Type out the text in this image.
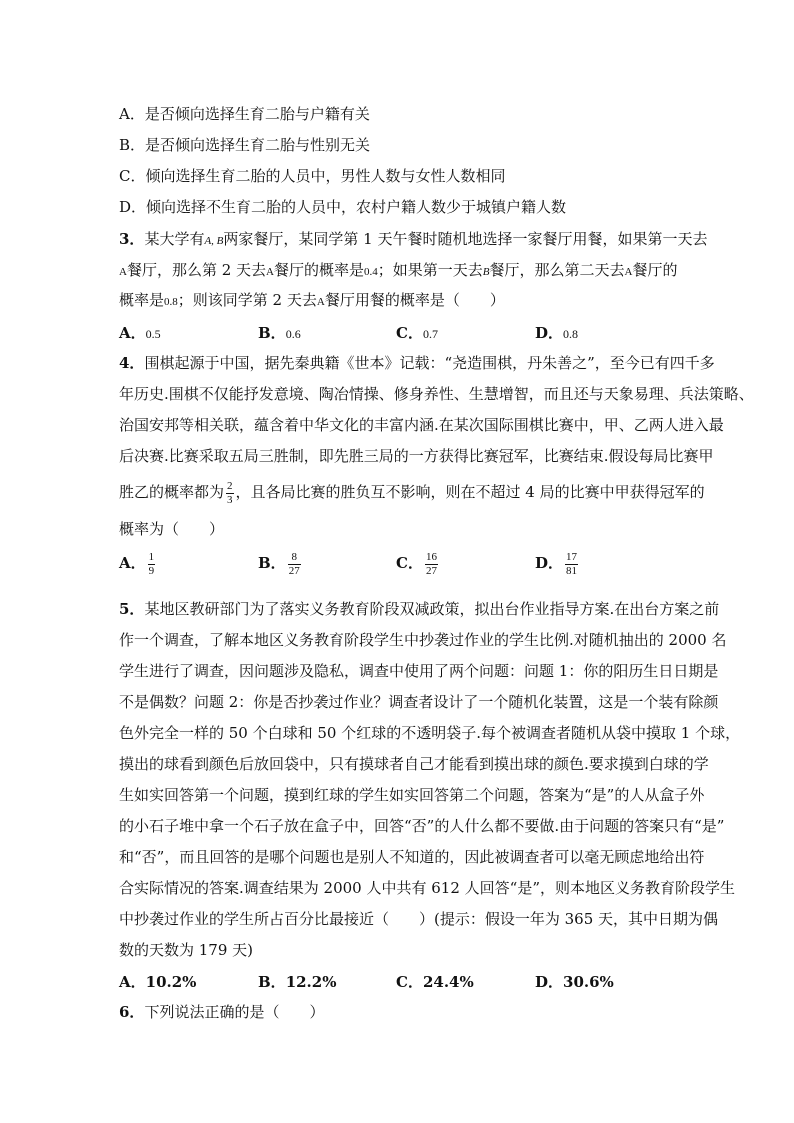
A．是否倾向选择生育二胎与户籍有关
B．是否倾向选择生育二胎与性别无关
C．倾向选择生育二胎的人员中，男性人数与女性人数相同
D．倾向选择不生育二胎的人员中，农村户籍人数少于城镇户籍人数
3．某大学有A, B两家餐厅，某同学第 1 天午餐时随机地选择一家餐厅用餐，如果第一天去
A餐厅，那么第 2 天去A餐厅的概率是0.4；如果第一天去B餐厅，那么第二天去A餐厅的
概率是0.8；则该同学第 2 天去A餐厅用餐的概率是（　　）
A．0.5	B．0.6	C．0.7	D．0.8
4．围棋起源于中国，据先秦典籍《世本》记载：“尧造围棋，丹朱善之”，至今已有四千多
年历史.围棋不仅能抒发意境、陶冶情操、修身养性、生慧增智，而且还与天象易理、兵法策略、
治国安邦等相关联，蕴含着中华文化的丰富内涵.在某次国际围棋比赛中，甲、乙两人进入最
后决赛.比赛采取五局三胜制，即先胜三局的一方获得比赛冠军，比赛结束.假设每局比赛甲
胜乙的概率都为 $\frac{2}{3}$ ，且各局比赛的胜负互不影响，则在不超过 4 局的比赛中甲获得冠军的
概率为（　　）
A． $\frac{1}{9}$	B． $\frac{8}{27}$	C． $\frac{16}{27}$	D． $\frac{17}{81}$
5．某地区教研部门为了落实义务教育阶段双减政策，拟出台作业指导方案.在出台方案之前
作一个调查，了解本地区义务教育阶段学生中抄袭过作业的学生比例.对随机抽出的 2000 名
学生进行了调查，因问题涉及隐私，调查中使用了两个问题：问题 1：你的阳历生日日期是
不是偶数？问题 2：你是否抄袭过作业？调查者设计了一个随机化装置，这是一个装有除颜
色外完全一样的 50 个白球和 50 个红球的不透明袋子.每个被调查者随机从袋中摸取 1 个球，
摸出的球看到颜色后放回袋中，只有摸球者自己才能看到摸出球的颜色.要求摸到白球的学
生如实回答第一个问题，摸到红球的学生如实回答第二个问题，答案为“是”的人从盒子外
的小石子堆中拿一个石子放在盒子中，回答“否”的人什么都不要做.由于问题的答案只有“是”
和“否”，而且回答的是哪个问题也是别人不知道的，因此被调查者可以毫无顾虑地给出符
合实际情况的答案.调查结果为 2000 人中共有 612 人回答“是”，则本地区义务教育阶段学生
中抄袭过作业的学生所占百分比最接近（　　）(提示：假设一年为 365 天，其中日期为偶
数的天数为 179 天)
A．10.2%	B．12.2%	C．24.4%	D．30.6%
6．下列说法正确的是（　　）
